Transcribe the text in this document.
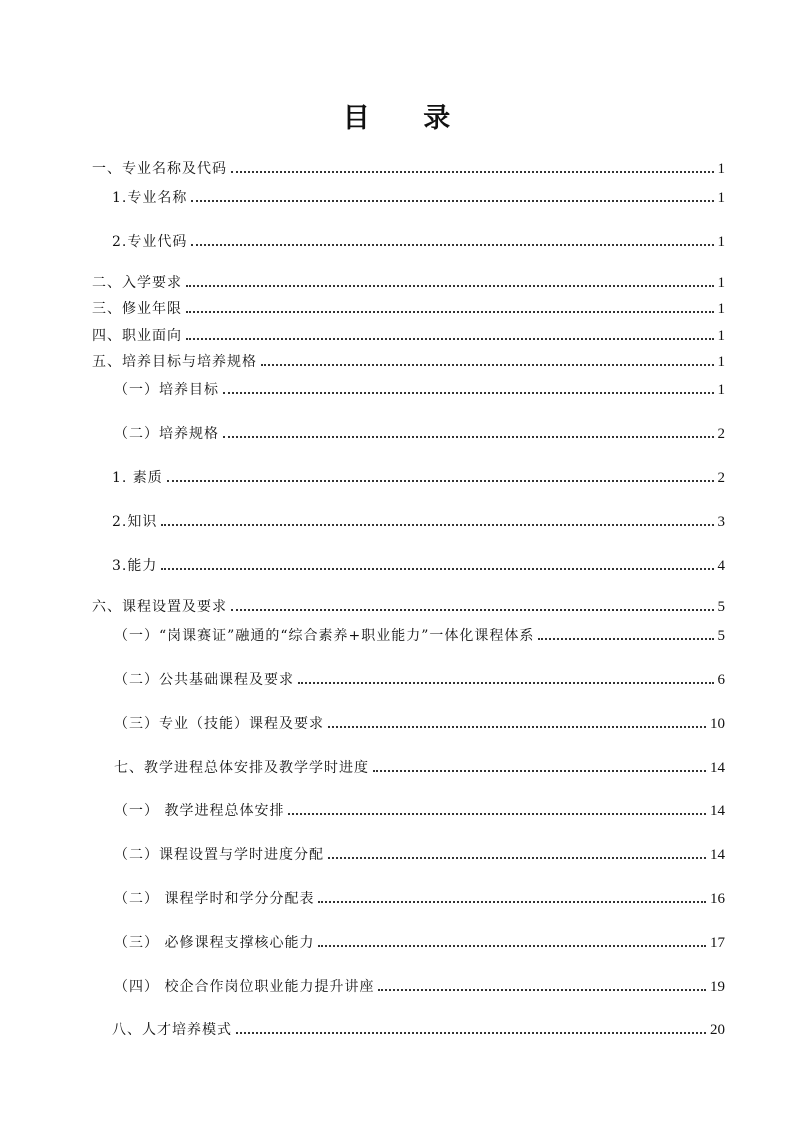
目 录
一、专业名称及代码	1
1.专业名称	1
2.专业代码	1
二、入学要求	1
三、修业年限	1
四、职业面向	1
五、培养目标与培养规格	1
（一）培养目标	1
（二）培养规格	2
1. 素质	2
2.知识	3
3.能力	4
六、课程设置及要求	5
（一）“岗课赛证”融通的“综合素养+职业能力”一体化课程体系	5
（二）公共基础课程及要求	6
（三）专业（技能）课程及要求	10
七、教学进程总体安排及教学学时进度	14
（一） 教学进程总体安排	14
（二）课程设置与学时进度分配	14
（二） 课程学时和学分分配表	16
（三） 必修课程支撑核心能力	17
（四） 校企合作岗位职业能力提升讲座	19
八、人才培养模式	20
